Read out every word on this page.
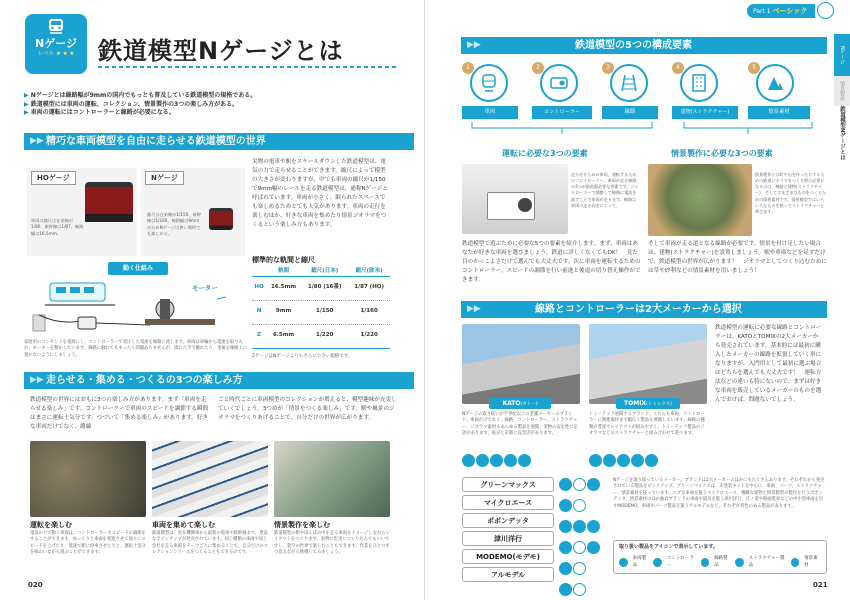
Nゲージ
レベル ★ ★ ★ 鉄道模型Nゲージとは
▶ Nゲージとは線路幅が9mmの国内でもっとも普及している鉄道模型の規格である。
▶ 鉄道模型には車両の運転、コレクション、情景製作の3つの楽しみ方がある。
▶ 車両の運転にはコントローラーと線路が必要になる。
▶▶ 精巧な車両模型を自由に走らせる鉄道模型の世界
HOゲージ
車両の縮尺は在来線が1/80、新幹線は1/87。線路幅は16.5mm。
Nゲージ
縮尺は在来線が1/150、新幹線は1/160。線路幅は9mmのためNゲージは狭い場所でも楽しめる。
実物の電車や駅をスケールダウンした鉄道模型は、電気の力で走らせることができます。縮尺によって模型の大きさが変わりますが、中でも車両の縮尺が1/150で9mm幅のレールを走る鉄道模型は、通称Nゲージと呼ばれています。車両が小さく、限られたスペースでも楽しめるためとても人気があります。車両の走行を楽しむほか、好きな車両を集めたり情景ジオラマをつくるという楽しみ方もあります。
動く仕組み
モーター
家庭用のコンセントを電源にし、コントローラーで変圧した電流を線路に流します。車両は車輪から電流を取り入れ、モーターを動かしています。線路に触れてもまったく問題ありませんが、濡れた手で触れたり、金属を線路上に置かないようにしましょう。
標準的な軌間と縮尺
	軌間	縮尺(日本)	縮尺(欧米)
HO	16.5mm	1/80 (16番)	1/87 (HO)
N	9mm	1/150	1/160
Z	6.5mm	1/220	1/220
ZゲージはNゲージよりもさらに小さい規格です。
▶▶ 走らせる・集める・つくるの3つの楽しみ方
鉄道模型の世界にはおもに3つの楽しみ方があります。まず「車両を走らせる楽しみ」です。コントローラーで車両のスピードを調節する瞬間はまさに運転士気分です。つづいて「集める楽しみ」があります。好きな車両だけでなく、路線
ごと時代ごとに車両模型のコレクションが増えると、模型趣味が充実していくでしょう。3つめが「情景をつくる楽しみ」です。駅や風景のジオラマをつくりあげることで、自分だけの世界が広がります。
運転を楽しむ
電気の力で動く車両は、コントローラーでスピードの調節をすることができます。ゆっくりと車両を発進させて徐々にスピードを上げたり、低速で駅に停車させたりと、運転士気分を味わいながら遊ぶことができます。
車両を集めて楽しむ
鉄道模型は、実在機関車から最新の電車や新幹線まで、豊富なラインナップが発売されています。同じ種類の車両や同じ会社を走る車両をテーマごとに集めることで、自分だけのコレクションシリーズをつくることもできるのです。
情景製作を楽しむ
鉄道模型の駅や田んぼの中を走る車両をイメージしながらレイアウトをつくります。実物に忠実につくり込んでもいいですし、架空の世界で楽しむこともできます。作業をひとつずつ覚えながら挑戦してみましょう。
020
Part 1 ベーシック
Nゲージ
情景製作
鉄道模型Nゲージとは
▶▶	鉄道模型の5つの構成要素
1
車両
2
コントローラー
3
線路
4
建物(ストラクチャー)
5
情景素材
運転に必要な3つの要素	情景製作に必要な3つの要素
走らせるための車両、運転するためのコントローラー、車両が走る線路の3つが最低限必要な要素です。コントローラーで調整して線路に電流を流すことで車両が走ります。線路は車両の走る向きによって、
情景製作とは町や山を作ったりするための鉄道ジオラマをつくる際に必要になるのは、線路と建物(ストラクチャー)、そしてさまざまなものをつくるための情景素材です。情景模型ではいろいろなものを使ってストラクチャーと呼びます。
鉄道模型で遊ぶために必要な5つの要素を紹介します。まず、車両はあなたが好きな車両を選びましょう。鉄道に詳しくなくてもOK！　見た目のかっこよさだけで選んでも大丈夫です。次に車両を運転するためのコントローラー。スピードの調節を行い前進と後退の切り替え操作ができます。
そして車両が走る道となる線路が必要です。情景を付け足したい場合は、建物(ストラクチャー)を設置しましょう。駅や車庫などを足すだけで、鉄道模型の世界が広がります！　ジオラマとしてつくり込むためには草や砂利などの情景素材を用いましょう！
▶▶	線路とコントローラーは2大メーカーから選択
KATO(カトー)
Nゲージの取り扱いが半世紀以上の老舗メーカーのブランド。車両だけでなく、線路、コントローラー、ストラクチャー、ジオラマ素材もあらゆる製品を展開。実物の安定性に定評があります。東京と京都に直営店があります。
TOMIX(トミックス)
トミーテック展開するブランド。こちらも車両、コントローラーに関連素材まで幅広く製品を展開しています。線路の種類が豊富でレイアウトが組みやすく、トミーテック製品のジオラマなどのストラクチャーと組み合わせて遊べます。
鉄道模型の運転に必要な線路とコントローラーは、KATOとTOMIXの2大メーカーから発売されています。基本的には最初に購入したメーカーの線路を拡張していく形になりますが、入門用として最初に選ぶ場合はどちらを選んでも大丈夫です！　運転方法などの違いも特にないので、まずは好きな車両を販売しているメーカーのものを選んでおけば、問題ないでしょう。
グリーンマックス
マイクロエース
ポポンデッタ
津川洋行
MODEMO(モデモ)
アルモデル

Nゲージを取り扱っているメーカー。ブランドは2大メーカーのほかにもたくさんあります。それぞれから発売されている製品をピックアップ。グリーンマックスは、未塗装キットを中心に、車両、パーツ、ストラクチャー、情景素材を扱っています。エブな車両を扱うマイクロエース、精緻な建物と情景模型の製作を行うポポンデッタ、情景素材のほか独自ブランドの車両や道具を扱う津川洋行、江ノ電や路面電車などの中小型車両を出すMODEMO、車両やパーツ製品を扱うアルモデルなど、それぞれ特色のある製品があります。
取り扱い製品をアイコンで表示しています。
車両製品
コントローラー
線路製品
ストラクチャー製品
情景素材
021
